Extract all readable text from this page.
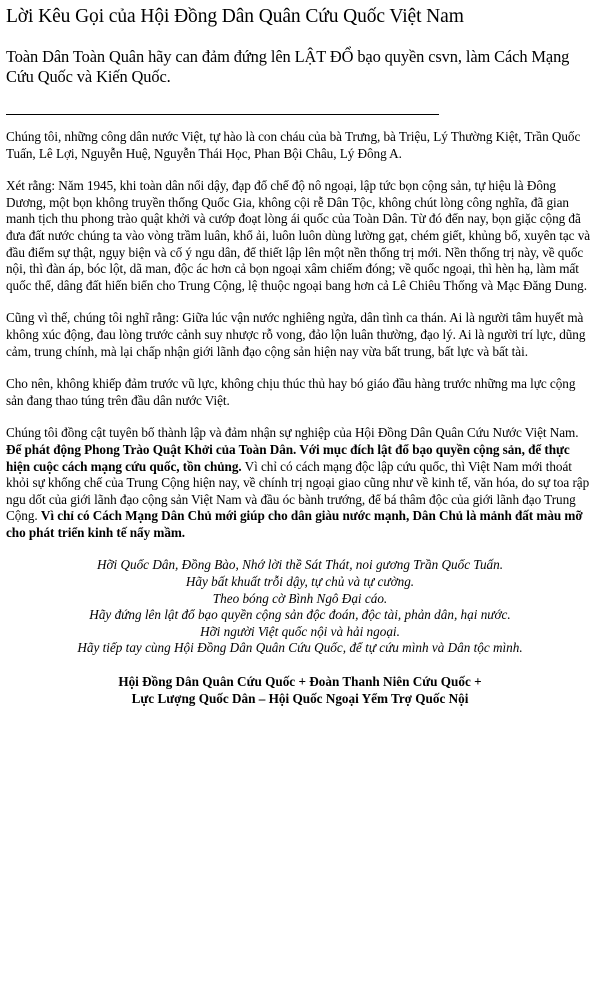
Lời Kêu Gọi của Hội Đồng Dân Quân Cứu Quốc Việt Nam

Toàn Dân Toàn Quân hãy can đảm đứng lên LẬT ĐỔ bạo quyền csvn, làm Cách Mạng Cứu Quốc và Kiến Quốc.

Chúng tôi, những công dân nước Việt, tự hào là con cháu của bà Trưng, bà Triệu, Lý Thường Kiệt, Trần Quốc Tuấn, Lê Lợi, Nguyễn Huệ, Nguyễn Thái Học, Phan Bội Châu, Lý Đông A.

Xét rằng: Năm 1945, khi toàn dân nổi dậy, đạp đổ chế độ nô ngoại, lập tức bọn cộng sản, tự hiệu là Đông Dương, một bọn không truyền thống Quốc Gia, không cội rễ Dân Tộc, không chút lòng công nghĩa, đã gian manh tịch thu phong trào quật khởi và cướp đoạt lòng ái quốc của Toàn Dân. Từ đó đến nay, bọn giặc cộng đã đưa đất nước chúng ta vào vòng trầm luân, khổ ải, luôn luôn dùng lường gạt, chém giết, khủng bố, xuyên tạc và đầu điểm sự thật, ngụy biện và cố ý ngu dân, để thiết lập lên một nền thống trị mới. Nền thống trị này, về quốc nội, thì đàn áp, bóc lột, dã man, độc ác hơn cả bọn ngoại xâm chiếm đóng; về quốc ngoại, thì hèn hạ, làm mất quốc thể, dâng đất hiến biển cho Trung Cộng, lệ thuộc ngoại bang hơn cả Lê Chiêu Thống và Mạc Đăng Dung.

Cũng vì thế, chúng tôi nghĩ rằng: Giữa lúc vận nước nghiêng ngửa, dân tình ca thán. Ai là người tâm huyết mà không xúc động, đau lòng trước cảnh suy nhược rỗ vong, đảo lộn luân thường, đạo lý. Ai là người trí lực, dũng cảm, trung chính, mà lại chấp nhận giới lãnh đạo cộng sản hiện nay vừa bất trung, bất lực và bất tài.

Cho nên, không khiếp đảm trước vũ lực, không chịu thúc thủ hay bó giáo đầu hàng trước những ma lực cộng sản đang thao túng trên đầu dân nước Việt.

Chúng tôi đồng cật tuyên bố thành lập và đảm nhận sự nghiệp của Hội Đồng Dân Quân Cứu Nước Việt Nam. Để phát động Phong Trào Quật Khởi của Toàn Dân. Với mục đích lật đổ bạo quyền cộng sản, để thực hiện cuộc cách mạng cứu quốc, tồn chủng. Vì chỉ có cách mạng độc lập cứu quốc, thì Việt Nam mới thoát khỏi sự khống chế của Trung Cộng hiện nay, về chính trị ngoại giao cũng như về kinh tế, văn hóa, do sự toa rập ngu dốt của giới lãnh đạo cộng sản Việt Nam và đầu óc bành trướng, để bá thâm độc của giới lãnh đạo Trung Cộng. Vì chỉ có Cách Mạng Dân Chủ mới giúp cho dân giàu nước mạnh, Dân Chủ là mảnh đất màu mỡ cho phát triển kinh tế nẩy mầm.

Hỡi Quốc Dân, Đồng Bào, Nhớ lời thề Sát Thát, noi gương Trần Quốc Tuấn.
Hãy bất khuất trỗi dậy, tự chủ và tự cường.
Theo bóng cờ Bình Ngô Đại cáo.
Hãy đứng lên lật đổ bạo quyền cộng sản độc đoán, độc tài, phản dân, hại nước.
Hỡi người Việt quốc nội và hải ngoại.
Hãy tiếp tay cùng Hội Đồng Dân Quân Cứu Quốc, để tự cứu mình và Dân tộc mình.
Hội Đồng Dân Quân Cứu Quốc + Đoàn Thanh Niên Cứu Quốc +
Lực Lượng Quốc Dân – Hội Quốc Ngoại Yểm Trợ Quốc Nội
